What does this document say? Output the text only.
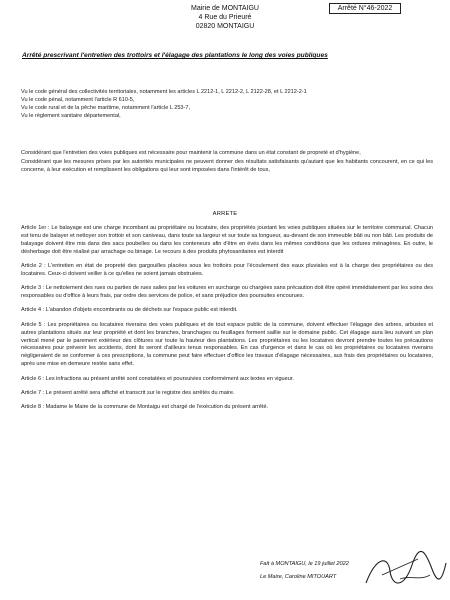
Mairie de MONTAIGU
4 Rue du Prieuré
02820 MONTAIGU
Arrêté N°46-2022
Arrêté prescrivant l'entretien des trottoirs et l'élagage des plantations le long des voies publiques
Vu le code général des collectivités territoriales, notamment les articles L 2212-1, L 2212-2, L 2122-28, et L 2212-2-1
Vu le code pénal, notamment l'article R 610-5,
Vu le code rural et de la pêche maritime, notamment l'article L 253-7,
Vu le règlement sanitaire départemental,
Considérant que l'entretien des voies publiques est nécessaire pour maintenir la commune dans un état constant de propreté et d'hygiène,
Considérant que les mesures prises par les autorités municipales ne peuvent donner des résultats satisfaisants qu'autant que les habitants concourent, en ce qui les concerne, à leur exécution et remplissent les obligations qui leur sont imposées dans l'intérêt de tous,
ARRETE
Article 1er : Le balayage est une charge incombant au propriétaire ou locataire, des propriétés jouxtant les voies publiques situées sur le territoire communal. Chacun est tenu de balayer et nettoyer son trottoir et son caniveau, dans toute sa largeur et sur toute sa longueur, au-devant de son immeuble bâti ou non bâti. Les produits de balayage doivent être mis dans des sacs poubelles ou dans les conteneurs afin d'être en évés dans les mêmes conditions que les ordures ménagères. En outre, le désherbage doit être réalisé par arrachage ou binage. Le recours à des produits phytosanitaires est interdit
Article 2 : L'entretien en état de propreté des gargouilles placées sous les trottoirs pour l'écoulement des eaux pluviales est à la charge des propriétaires ou des locataires. Ceux-ci doivent veiller à ce qu'elles ne soient jamais obstruées.
Article 3 : Le nettoiement des rues ou parties de rues salies par les voitures en surcharge ou chargées sans précaution doit être opéré immédiatement par les soins des responsables ou d'office à leurs frais, par ordre des services de police, et sans préjudice des poursuites encourues.
Article 4 : L'abandon d'objets encombrants ou de déchets sur l'espace public est interdit.
Article 5 : Les propriétaires ou locataires riverains des voies publiques et de tout espace public de la commune, doivent effectuer l'élagage des arbres, arbustes et autres plantations situés sur leur propriété et dont les branches, branchages ou feuillages forment saillie sur le domaine public. Cet élagage aura lieu suivant un plan vertical mené par le parement extérieur des clôtures sur toute la hauteur des plantations. Les propriétaires ou les locataires devront prendre toutes les précautions nécessaires pour prévenir les accidents, dont ils seront d'ailleurs tenus responsables. En cas d'urgence et dans le cas où les propriétaires ou locataires riverains négligeraient de se conformer à ces prescriptions, la commune peut faire effectuer d'office les travaux d'élagage nécessaires, aux frais des propriétaires ou locataires, après une mise en demeure restée sans effet.
Article 6 : Les infractions au présent arrêté sont constatées et poursuivies conformément aux textes en vigueur.
Article 7 : Le présent arrêté sera affiché et transcrit sur le registre des arrêtés du maire.
Article 8 : Madame le Maire de la commune de Montaigu est chargé de l'exécution du présent arrêté.
Fait à MONTAIGU, le 19 juillet 2022
Le Maire, Caroline MITOUART
